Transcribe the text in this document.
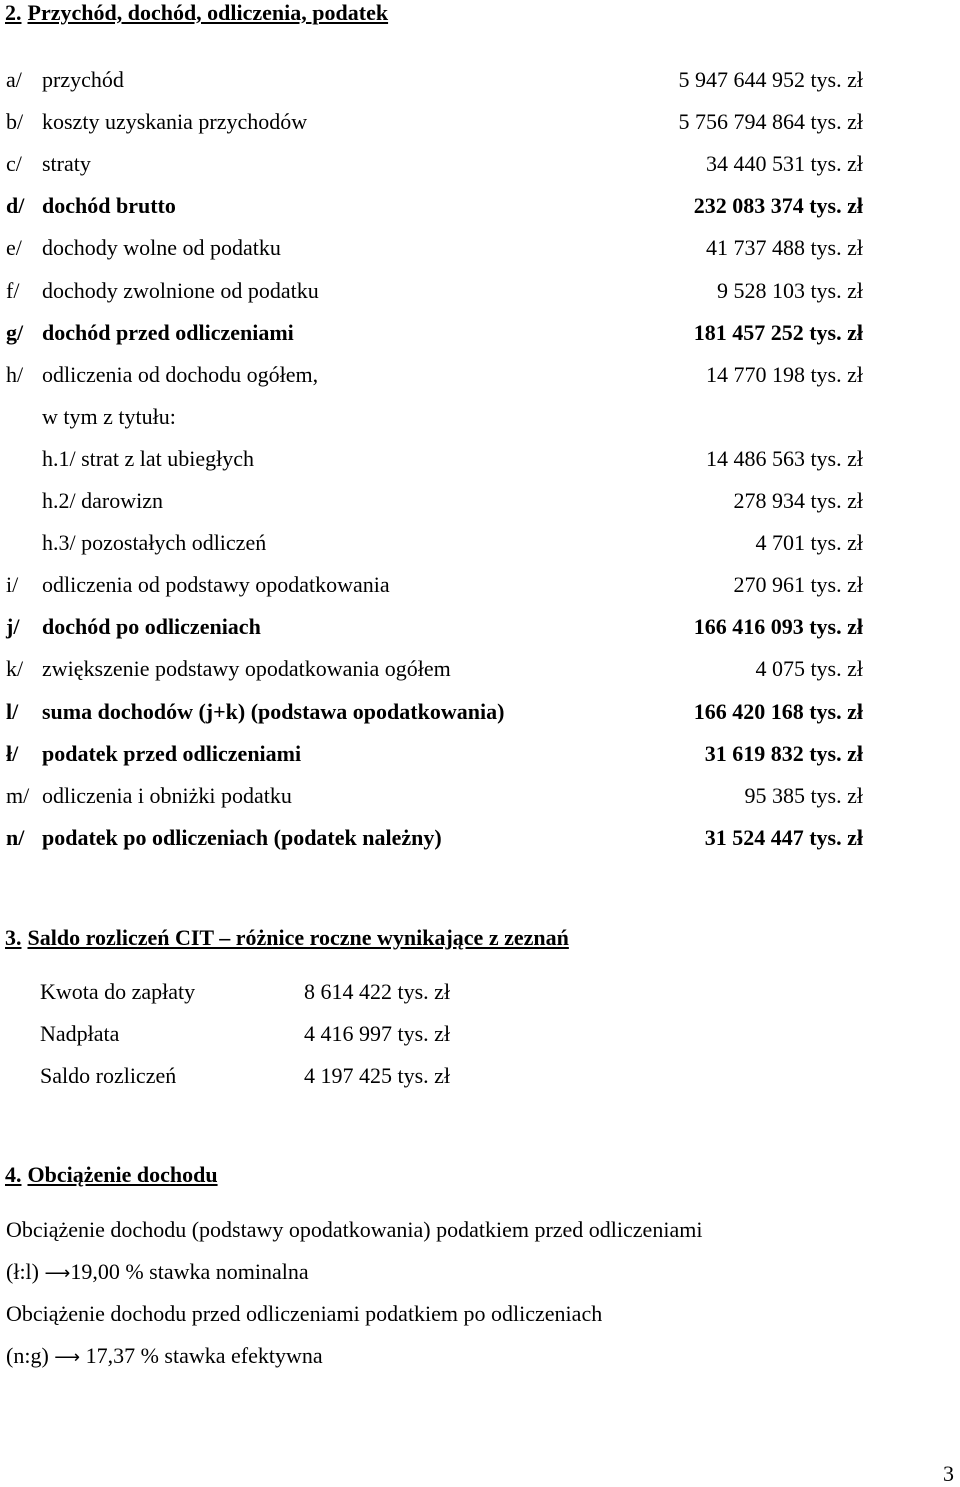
2. Przychód, dochód, odliczenia, podatek
a/ przychód	5 947 644 952 tys. zł
b/ koszty uzyskania przychodów	5 756 794 864 tys. zł
c/ straty	34 440 531 tys. zł
d/ dochód brutto	232 083 374 tys. zł
e/ dochody wolne od podatku	41 737 488 tys. zł
f/ dochody zwolnione od podatku	9 528 103 tys. zł
g/ dochód przed odliczeniami	181 457 252 tys. zł
h/ odliczenia od dochodu ogółem,	14 770 198 tys. zł
w tym z tytułu:
h.1/ strat z lat ubiegłych	14 486 563 tys. zł
h.2/ darowizn	278 934 tys. zł
h.3/ pozostałych odliczeń	4 701 tys. zł
i/ odliczenia od podstawy opodatkowania	270 961 tys. zł
j/ dochód po odliczeniach	166 416 093 tys. zł
k/ zwiększenie podstawy opodatkowania ogółem	4 075 tys. zł
l/ suma dochodów (j+k) (podstawa opodatkowania)	166 420 168 tys. zł
ł/ podatek przed odliczeniami	31 619 832 tys. zł
m/ odliczenia i obniżki podatku	95 385 tys. zł
n/ podatek po odliczeniach (podatek należny)	31 524 447 tys. zł
3. Saldo rozliczeń CIT – różnice roczne wynikające z zeznań
Kwota do zapłaty	8 614 422 tys. zł
Nadpłata	4 416 997 tys. zł
Saldo rozliczeń	4 197 425 tys. zł
4. Obciążenie dochodu
Obciążenie dochodu (podstawy opodatkowania) podatkiem przed odliczeniami
(ł:l) ⟶19,00 % stawka nominalna
Obciążenie dochodu przed odliczeniami podatkiem po odliczeniach
(n:g) ⟶ 17,37 % stawka efektywna
3
